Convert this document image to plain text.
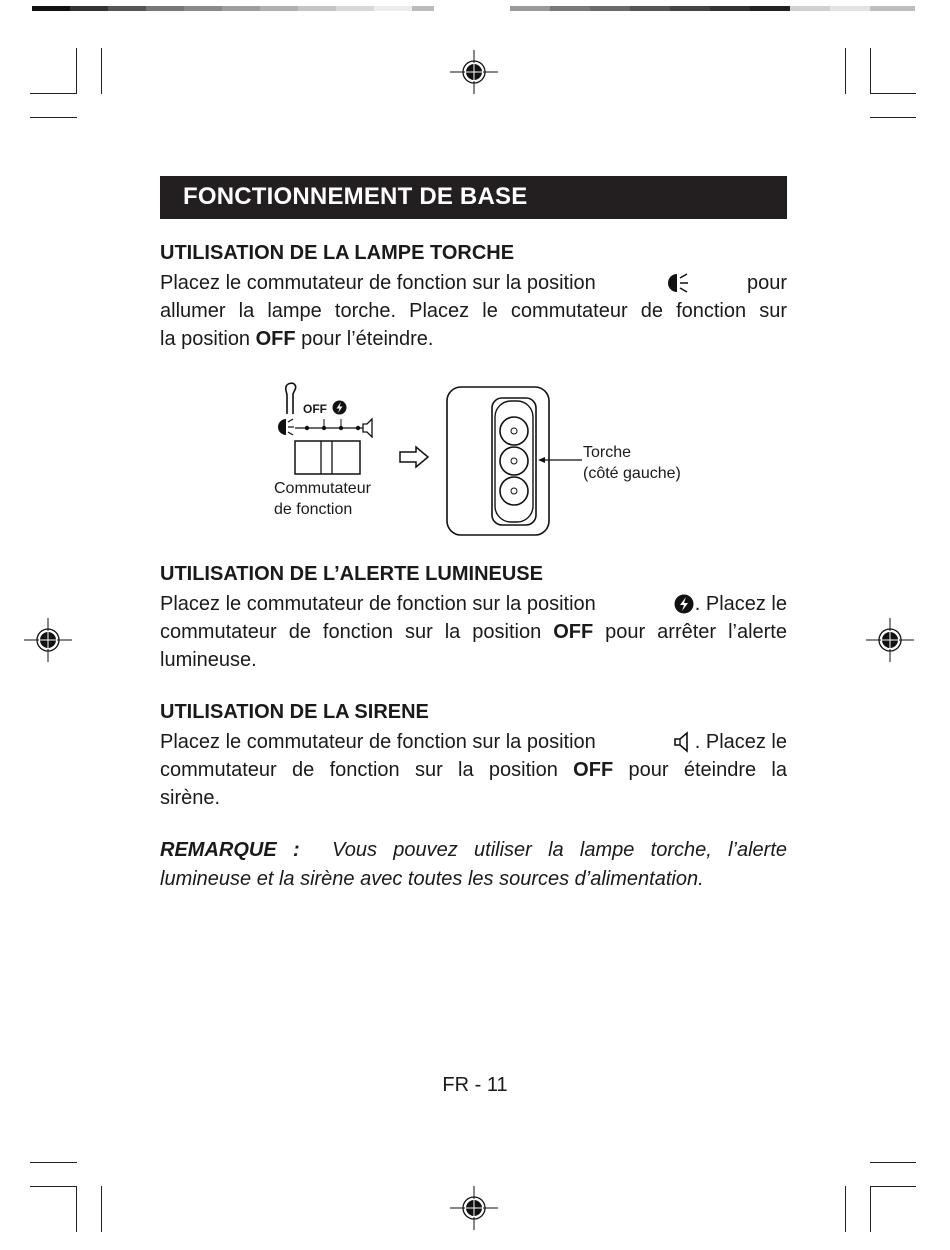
FONCTIONNEMENT DE BASE
UTILISATION DE LA LAMPE TORCHE
Placez le commutateur de fonction sur la position	pour
allumer la lampe torche. Placez le commutateur de fonction sur
la position OFF pour l’éteindre.
OFF
Commutateur
de fonction
Torche
(côté gauche)
UTILISATION DE L’ALERTE LUMINEUSE
Placez le commutateur de fonction sur la position	. Placez le
commutateur de fonction sur la position OFF pour arrêter l’alerte
lumineuse.
UTILISATION DE LA SIRENE
Placez le commutateur de fonction sur la position	. Placez le
commutateur de fonction sur la position OFF pour éteindre la
sirène.
REMARQUE : Vous pouvez utiliser la lampe torche, l’alerte lumineuse et la sirène avec toutes les sources d’alimentation.
FR - 11
